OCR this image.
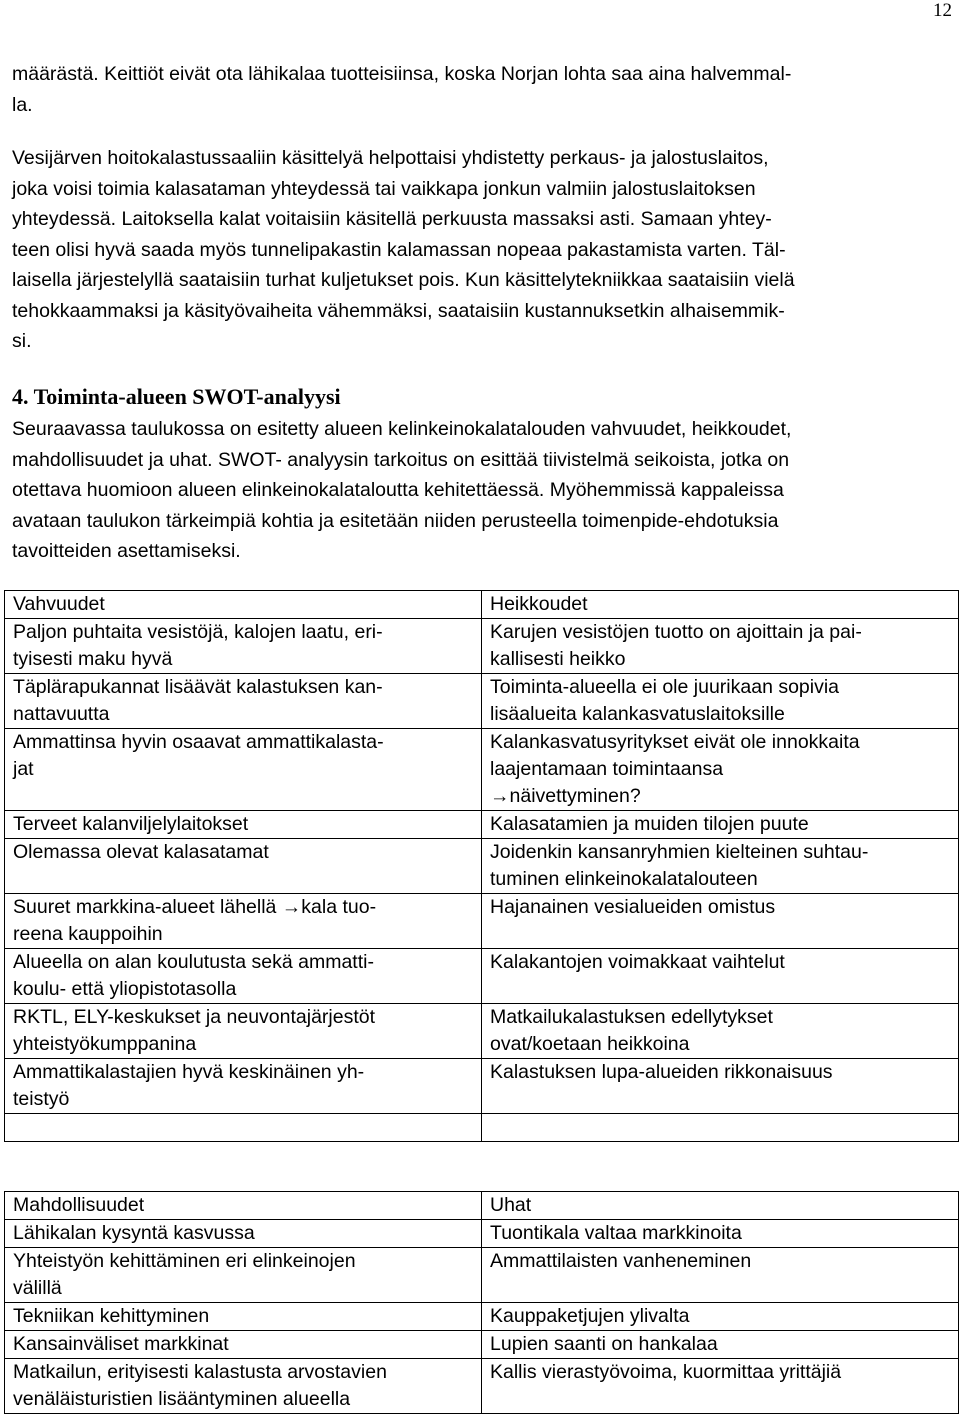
12

määrästä. Keittiöt eivät ota lähikalaa tuotteisiinsa, koska Norjan lohta saa aina halvemmal-
la.

Vesijärven hoitokalastussaaliin käsittelyä helpottaisi yhdistetty perkaus- ja jalostuslaitos,
joka voisi toimia kalasataman yhteydessä tai vaikkapa jonkun valmiin jalostuslaitoksen
yhteydessä. Laitoksella kalat voitaisiin käsitellä perkuusta massaksi asti. Samaan yhtey-
teen olisi hyvä saada myös tunnelipakastin kalamassan nopeaa pakastamista varten. Täl-
laisella järjestelyllä saataisiin turhat kuljetukset pois. Kun käsittelytekniikkaa saataisiin vielä
tehokkaammaksi ja käsityövaiheita vähemmäksi, saataisiin kustannuksetkin alhaisemmik-
si.

4. Toiminta-alueen SWOT-analyysi

Seuraavassa taulukossa on esitetty alueen kelinkeinokalatalouden vahvuudet, heikkoudet,
mahdollisuudet ja uhat. SWOT- analyysin tarkoitus on esittää tiivistelmä seikoista, jotka on
otettava huomioon alueen elinkeinokalataloutta kehitettäessä. Myöhemmissä kappaleissa
avataan taulukon tärkeimpiä kohtia ja esitetään niiden perusteella toimenpide-ehdotuksia
tavoitteiden asettamiseksi.

Vahvuudet	Heikkoudet
Paljon puhtaita vesistöjä, kalojen laatu, eri-
tyisesti maku hyvä	Karujen vesistöjen tuotto on ajoittain ja pai-
kallisesti heikko
Täplärapukannat lisäävät kalastuksen kan-
nattavuutta	Toiminta-alueella ei ole juurikaan sopivia
lisäalueita kalankasvatuslaitoksille
Ammattinsa hyvin osaavat ammattikalasta-
jat	Kalankasvatusyritykset eivät ole innokkaita
laajentamaan toimintaansa
→näivettyminen?
Terveet kalanviljelylaitokset	Kalasatamien ja muiden tilojen puute
Olemassa olevat kalasatamat	Joidenkin kansanryhmien kielteinen suhtau-
tuminen elinkeinokalatalouteen
Suuret markkina-alueet lähellä →kala tuo-
reena kauppoihin	Hajanainen vesialueiden omistus
Alueella on alan koulutusta sekä ammatti-
koulu- että yliopistotasolla	Kalakantojen voimakkaat vaihtelut
RKTL, ELY-keskukset ja neuvontajärjestöt
yhteistyökumppanina	Matkailukalastuksen edellytykset
ovat/koetaan heikkoina
Ammattikalastajien hyvä keskinäinen yh-
teistyö	Kalastuksen lupa-alueiden rikkonaisuus

Mahdollisuudet	Uhat
Lähikalan kysyntä kasvussa	Tuontikala valtaa markkinoita
Yhteistyön kehittäminen eri elinkeinojen
välillä	Ammattilaisten vanheneminen
Tekniikan kehittyminen	Kauppaketjujen ylivalta
Kansainväliset markkinat	Lupien saanti on hankalaa
Matkailun, erityisesti kalastusta arvostavien
venäläisturistien lisääntyminen alueella	Kallis vierastyövoima, kuormittaa yrittäjiä
